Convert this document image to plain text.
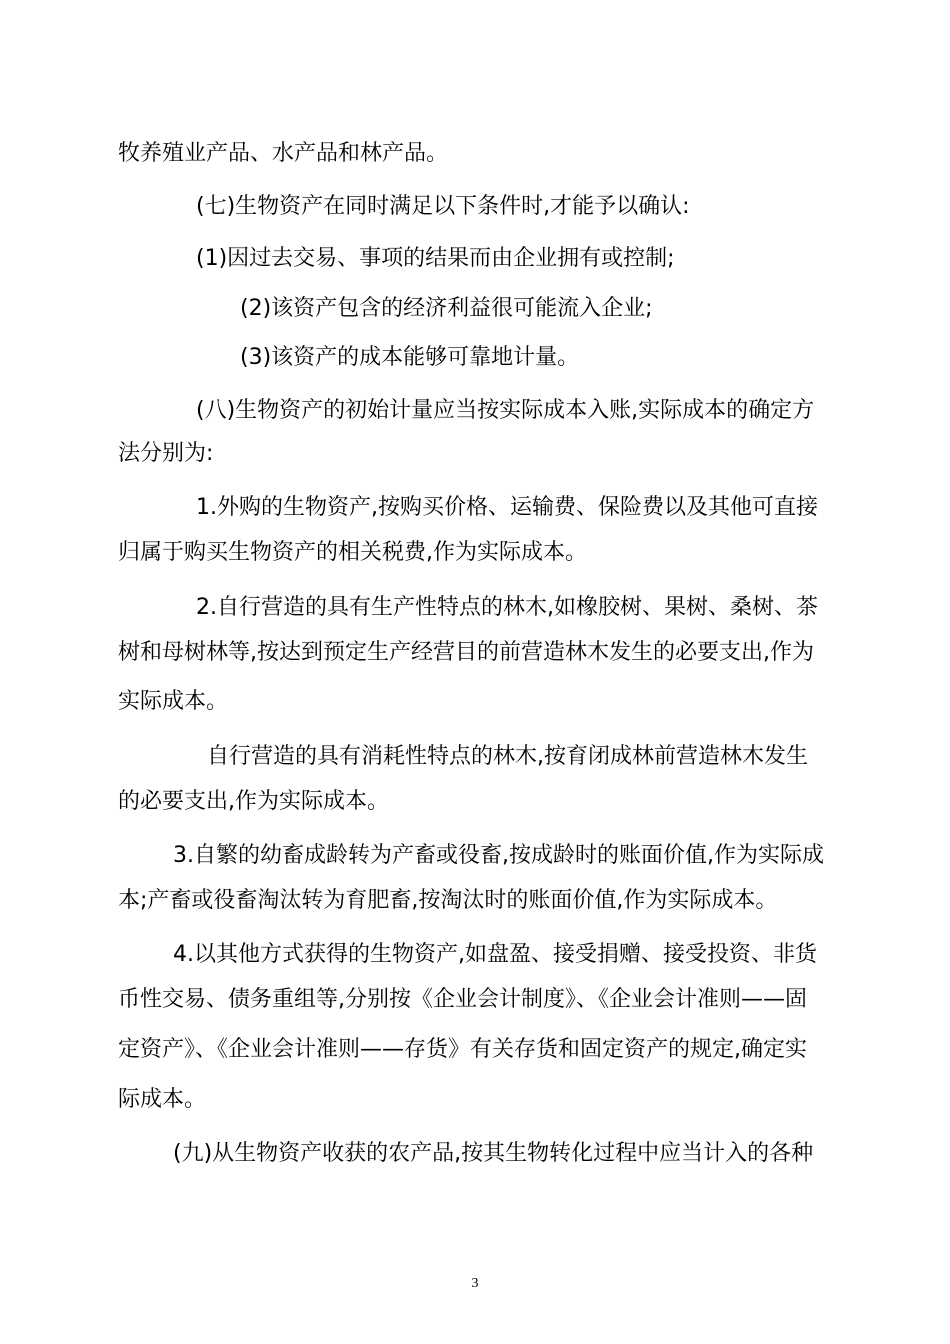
牧养殖业产品、水产品和林产品。
(七)生物资产在同时满足以下条件时,才能予以确认:
(1)因过去交易、事项的结果而由企业拥有或控制;
(2)该资产包含的经济利益很可能流入企业;
(3)该资产的成本能够可靠地计量。
(八)生物资产的初始计量应当按实际成本入账,实际成本的确定方
法分别为:
1.外购的生物资产,按购买价格、运输费、保险费以及其他可直接
归属于购买生物资产的相关税费,作为实际成本。
2.自行营造的具有生产性特点的林木,如橡胶树、果树、桑树、茶
树和母树林等,按达到预定生产经营目的前营造林木发生的必要支出,作为
实际成本。
自行营造的具有消耗性特点的林木,按育闭成林前营造林木发生
的必要支出,作为实际成本。
3.自繁的幼畜成龄转为产畜或役畜,按成龄时的账面价值,作为实际成
本;产畜或役畜淘汰转为育肥畜,按淘汰时的账面价值,作为实际成本。
4.以其他方式获得的生物资产,如盘盈、接受捐赠、接受投资、非货
币性交易、债务重组等,分别按《企业会计制度》、《企业会计准则——固
定资产》、《企业会计准则——存货》有关存货和固定资产的规定,确定实
际成本。
(九)从生物资产收获的农产品,按其生物转化过程中应当计入的各种
3
